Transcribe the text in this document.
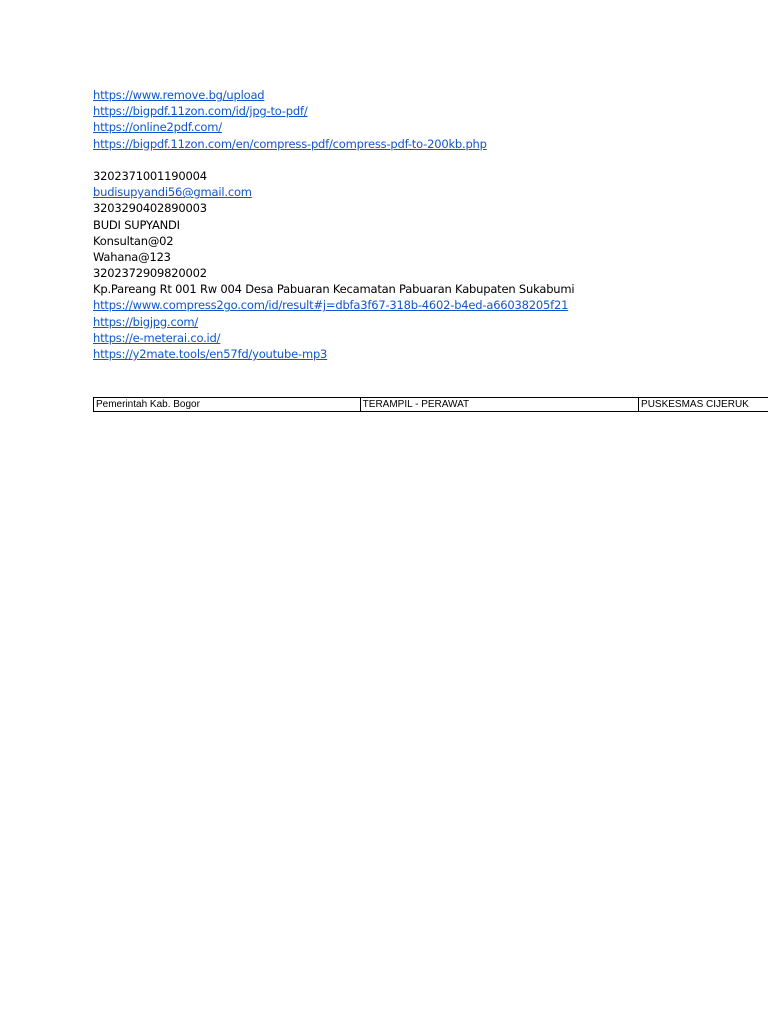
https://www.remove.bg/upload
https://bigpdf.11zon.com/id/jpg-to-pdf/
https://online2pdf.com/
https://bigpdf.11zon.com/en/compress-pdf/compress-pdf-to-200kb.php
3202371001190004
budisupyandi56@gmail.com
3203290402890003
BUDI SUPYANDI
Konsultan@02
Wahana@123
3202372909820002
Kp.Pareang Rt 001 Rw 004 Desa Pabuaran Kecamatan Pabuaran Kabupaten Sukabumi
https://www.compress2go.com/id/result#j=dbfa3f67-318b-4602-b4ed-a66038205f21
https://bigjpg.com/
https://e-meterai.co.id/
https://y2mate.tools/en57fd/youtube-mp3
Pemerintah Kab. Bogor	TERAMPIL - PERAWAT	PUSKESMAS CIJERUK
